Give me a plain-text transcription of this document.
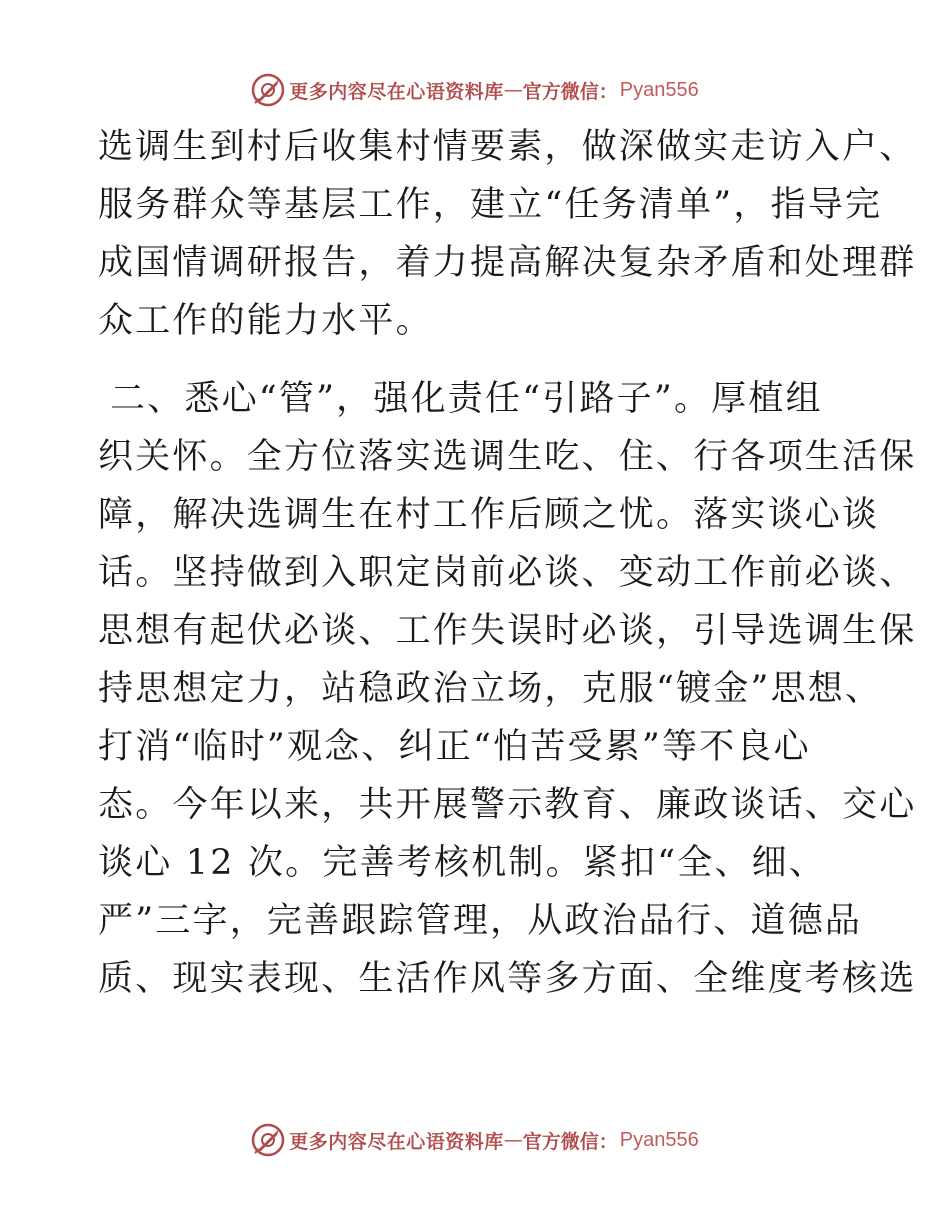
更多内容尽在心语资料库 — 官方微信： Pyan556
选调生到村后收集村情要素，做深做实走访入户、
服务群众等基层工作，建立“任务清单”，指导完
成国情调研报告，着力提高解决复杂矛盾和处理群
众工作的能力水平。
二、悉心“管”，强化责任“引路子”。厚植组
织关怀。全方位落实选调生吃、住、行各项生活保
障，解决选调生在村工作后顾之忧。落实谈心谈
话。坚持做到入职定岗前必谈、变动工作前必谈、
思想有起伏必谈、工作失误时必谈，引导选调生保
持思想定力，站稳政治立场，克服“镀金”思想、
打消“临时”观念、纠正“怕苦受累”等不良心
态。今年以来，共开展警示教育、廉政谈话、交心
谈心 12 次。完善考核机制。紧扣“全、细、
严”三字，完善跟踪管理，从政治品行、道德品
质、现实表现、生活作风等多方面、全维度考核选
更多内容尽在心语资料库 — 官方微信： Pyan556
